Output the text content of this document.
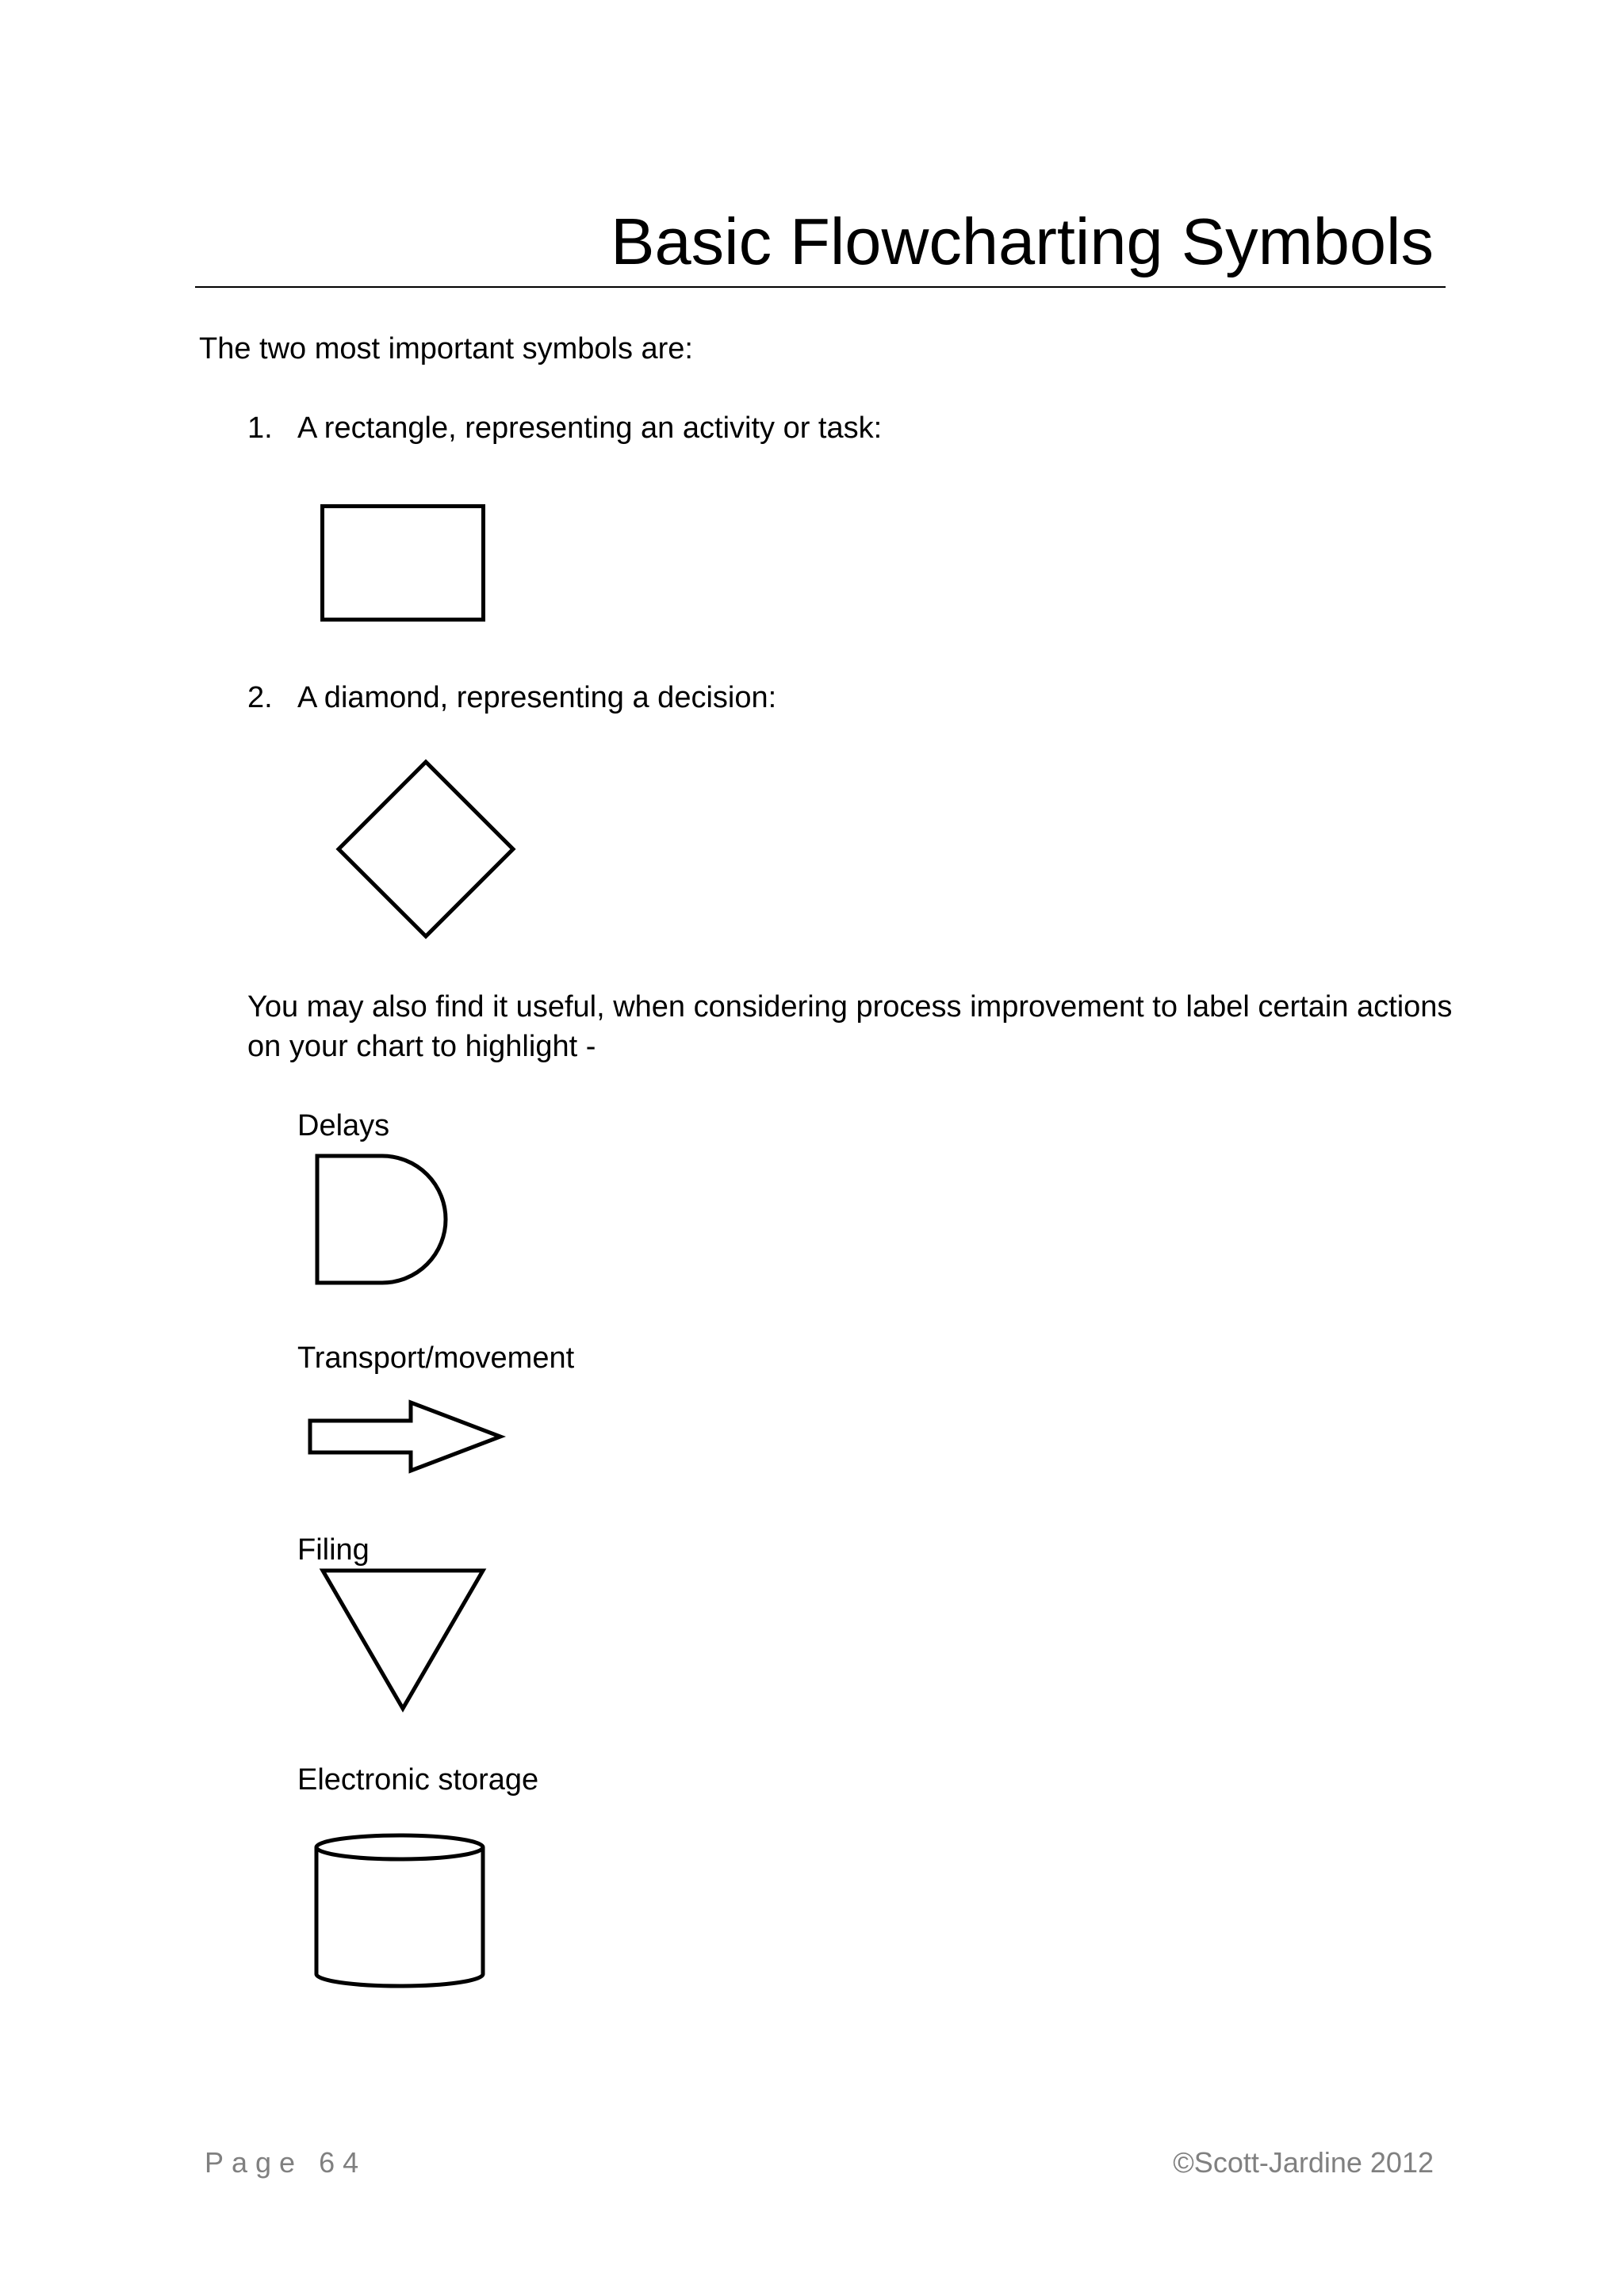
Basic Flowcharting Symbols

The two most important symbols are:

1. A rectangle, representing an activity or task:

2. A diamond, representing a decision:

You may also find it useful, when considering process improvement to label certain actions on your chart to highlight -

Delays

Transport/movement

Filing

Electronic storage

Page 64	©Scott-Jardine 2012
